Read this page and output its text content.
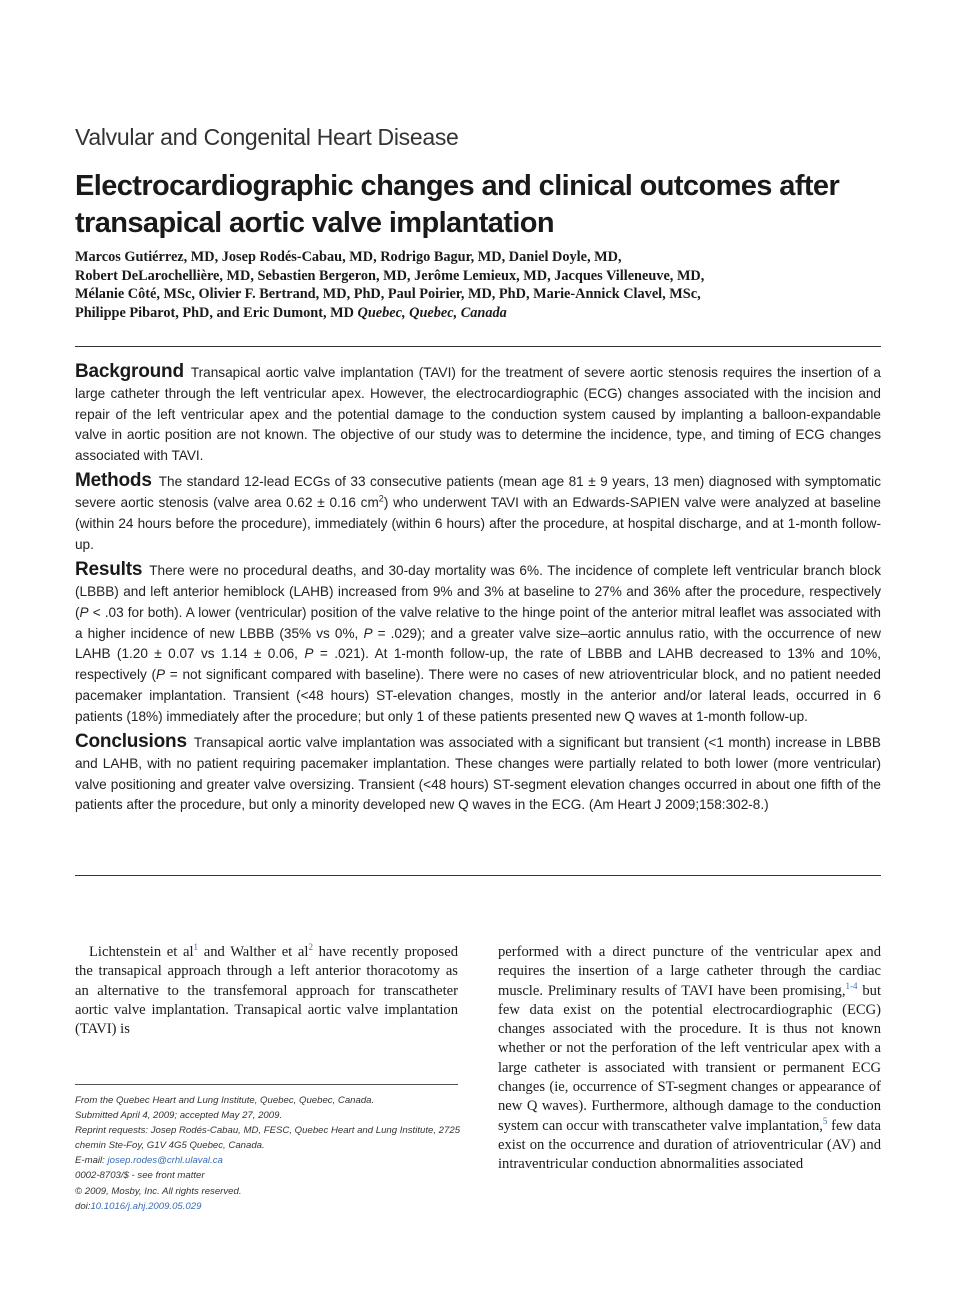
Valvular and Congenital Heart Disease
Electrocardiographic changes and clinical outcomes after transapical aortic valve implantation
Marcos Gutiérrez, MD, Josep Rodés-Cabau, MD, Rodrigo Bagur, MD, Daniel Doyle, MD,
Robert DeLarochellière, MD, Sebastien Bergeron, MD, Jerôme Lemieux, MD, Jacques Villeneuve, MD,
Mélanie Côté, MSc, Olivier F. Bertrand, MD, PhD, Paul Poirier, MD, PhD, Marie-Annick Clavel, MSc,
Philippe Pibarot, PhD, and Eric Dumont, MD Quebec, Quebec, Canada

Background Transapical aortic valve implantation (TAVI) for the treatment of severe aortic stenosis requires the insertion of a large catheter through the left ventricular apex. However, the electrocardiographic (ECG) changes associated with the incision and repair of the left ventricular apex and the potential damage to the conduction system caused by implanting a balloon-expandable valve in aortic position are not known. The objective of our study was to determine the incidence, type, and timing of ECG changes associated with TAVI.

Methods The standard 12-lead ECGs of 33 consecutive patients (mean age 81 ± 9 years, 13 men) diagnosed with symptomatic severe aortic stenosis (valve area 0.62 ± 0.16 $cm^2$) who underwent TAVI with an Edwards-SAPIEN valve were analyzed at baseline (within 24 hours before the procedure), immediately (within 6 hours) after the procedure, at hospital discharge, and at 1-month follow-up.

Results There were no procedural deaths, and 30-day mortality was 6%. The incidence of complete left ventricular branch block (LBBB) and left anterior hemiblock (LAHB) increased from 9% and 3% at baseline to 27% and 36% after the procedure, respectively (P < .03 for both). A lower (ventricular) position of the valve relative to the hinge point of the anterior mitral leaflet was associated with a higher incidence of new LBBB (35% vs 0%, P = .029); and a greater valve size–aortic annulus ratio, with the occurrence of new LAHB (1.20 ± 0.07 vs 1.14 ± 0.06, P = .021). At 1-month follow-up, the rate of LBBB and LAHB decreased to 13% and 10%, respectively (P = not significant compared with baseline). There were no cases of new atrioventricular block, and no patient needed pacemaker implantation. Transient (<48 hours) ST-elevation changes, mostly in the anterior and/or lateral leads, occurred in 6 patients (18%) immediately after the procedure; but only 1 of these patients presented new Q waves at 1-month follow-up.

Conclusions Transapical aortic valve implantation was associated with a significant but transient (<1 month) increase in LBBB and LAHB, with no patient requiring pacemaker implantation. These changes were partially related to both lower (more ventricular) valve positioning and greater valve oversizing. Transient (<48 hours) ST-segment elevation changes occurred in about one fifth of the patients after the procedure, but only a minority developed new Q waves in the ECG. (Am Heart J 2009;158:302-8.)

Lichtenstein et al$^1$ and Walther et al$^2$ have recently proposed the transapical approach through a left anterior thoracotomy as an alternative to the transfemoral approach for transcatheter aortic valve implantation. Transapical aortic valve implantation (TAVI) is

From the Quebec Heart and Lung Institute, Quebec, Quebec, Canada.
Submitted April 4, 2009; accepted May 27, 2009.
Reprint requests: Josep Rodés-Cabau, MD, FESC, Quebec Heart and Lung Institute, 2725 chemin Ste-Foy, G1V 4G5 Quebec, Canada.
E-mail: josep.rodes@crhl.ulaval.ca
0002-8703/$ - see front matter
© 2009, Mosby, Inc. All rights reserved.
doi:10.1016/j.ahj.2009.05.029

performed with a direct puncture of the ventricular apex and requires the insertion of a large catheter through the cardiac muscle. Preliminary results of TAVI have been promising,$^{1-4}$ but few data exist on the potential electrocardiographic (ECG) changes associated with the procedure. It is thus not known whether or not the perforation of the left ventricular apex with a large catheter is associated with transient or permanent ECG changes (ie, occurrence of ST-segment changes or appearance of new Q waves). Furthermore, although damage to the conduction system can occur with transcatheter valve implantation,$^5$ few data exist on the occurrence and duration of atrioventricular (AV) and intraventricular conduction abnormalities associated
